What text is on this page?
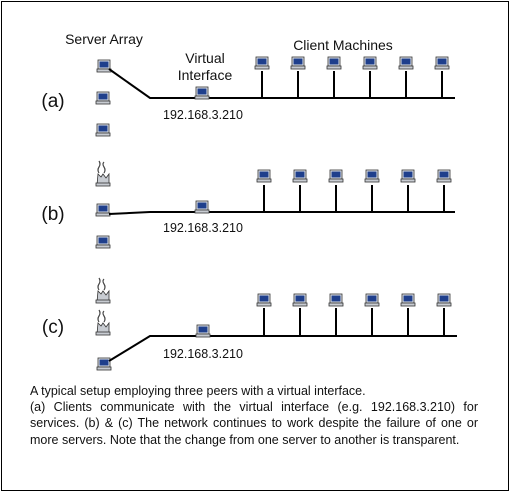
Server Array
Virtual
Interface
Client Machines
(a)
192.168.3.210
(b)
192.168.3.210
(c)
192.168.3.210

A typical setup employing three peers with a virtual interface.

(a) Clients communicate with the virtual interface (e.g. 192.168.3.210) for services. (b) & (c) The network continues to work despite the failure of one or more servers. Note that the change from one server to another is transparent.
